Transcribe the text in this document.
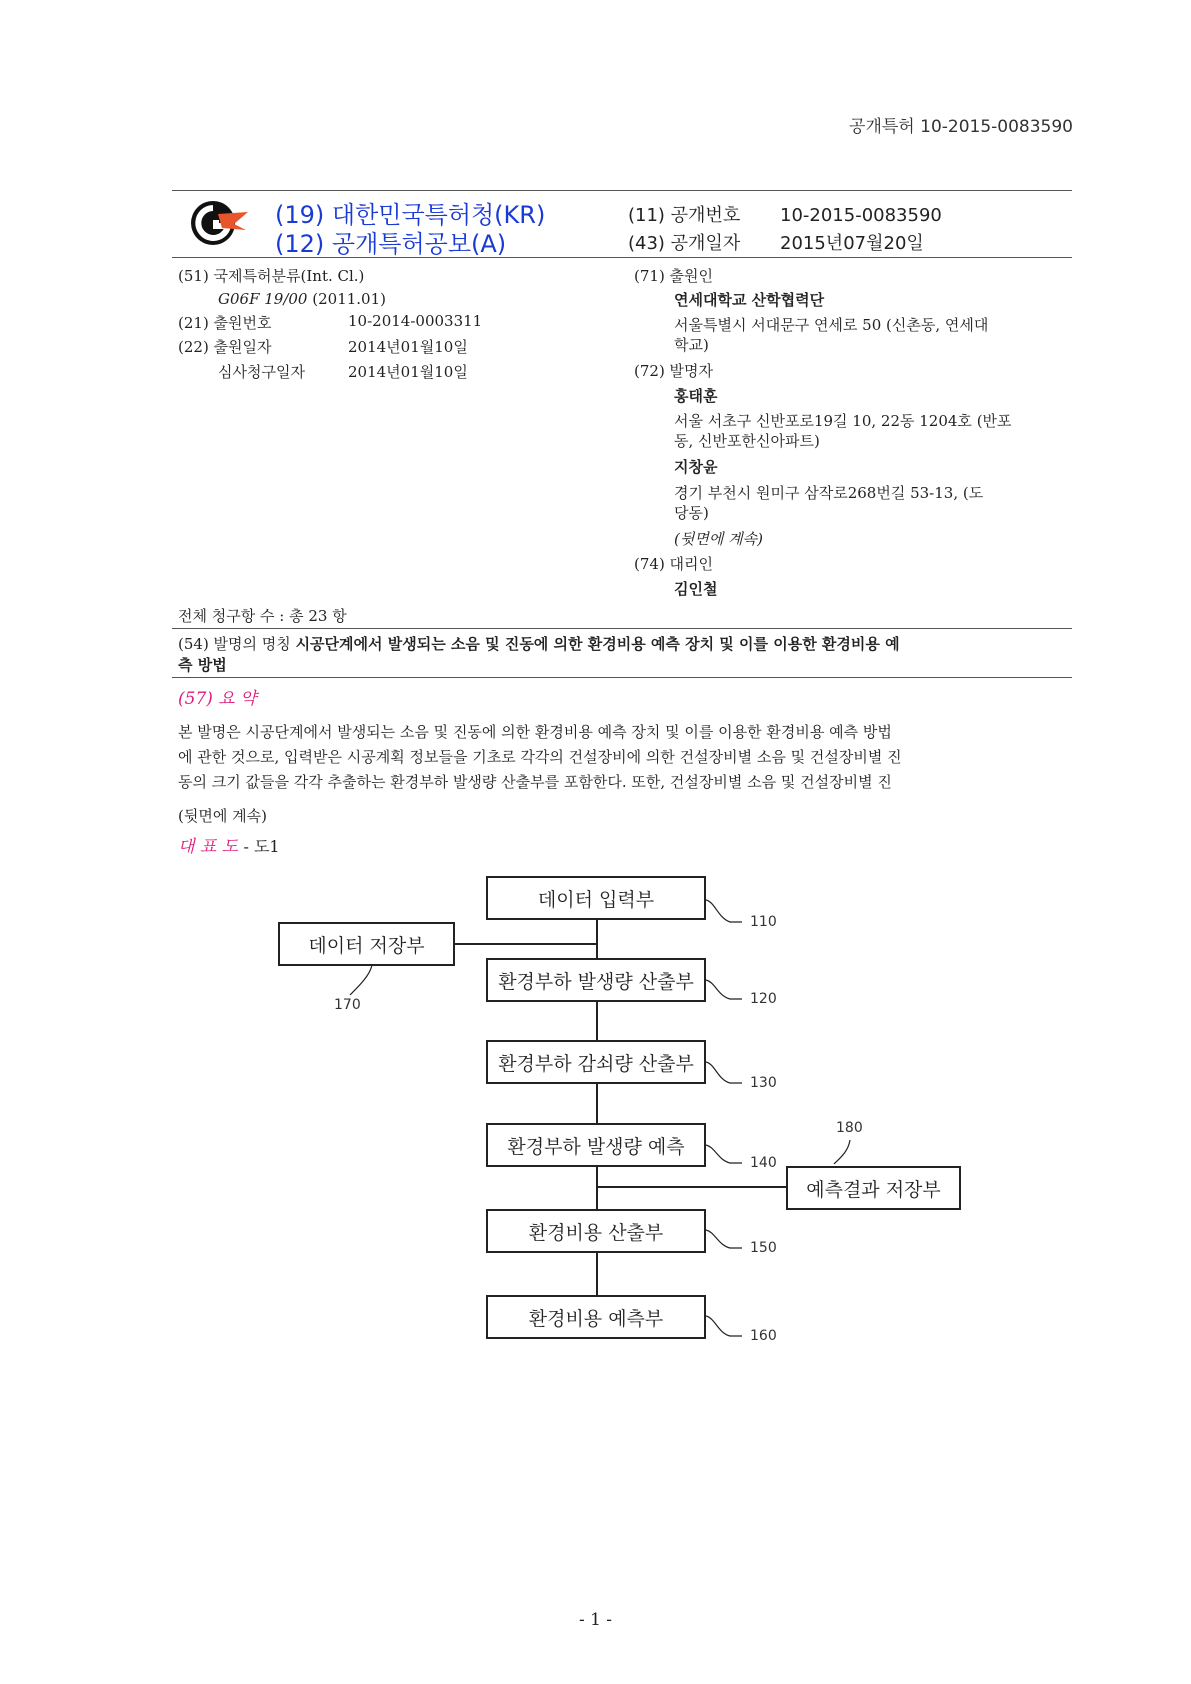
공개특허 10-2015-0083590
(19) 대한민국특허청(KR)
(12) 공개특허공보(A)
(11) 공개번호 10-2015-0083590
(43) 공개일자 2015년07월20일
(51) 국제특허분류(Int. Cl.)
G06F 19/00 (2011.01)
(21) 출원번호	10-2014-0003311
(22) 출원일자	2014년01월10일
심사청구일자	2014년01월10일
(71) 출원인
연세대학교 산학협력단
서울특별시 서대문구 연세로 50 (신촌동, 연세대
학교)
(72) 발명자
홍태훈
서울 서초구 신반포로19길 10, 22동 1204호 (반포
동, 신반포한신아파트)
지창윤
경기 부천시 원미구 삼작로268번길 53-13, (도
당동)
(뒷면에 계속)
(74) 대리인
김인철
전체 청구항 수 : 총 23 항
(54) 발명의 명칭 시공단계에서 발생되는 소음 및 진동에 의한 환경비용 예측 장치 및 이를 이용한 환경비용 예
측 방법
(57) 요 약
본 발명은 시공단계에서 발생되는 소음 및 진동에 의한 환경비용 예측 장치 및 이를 이용한 환경비용 예측 방법
에 관한 것으로, 입력받은 시공계획 정보들을 기초로 각각의 건설장비에 의한 건설장비별 소음 및 건설장비별 진
동의 크기 값들을 각각 추출하는 환경부하 발생량 산출부를 포함한다. 또한, 건설장비별 소음 및 건설장비별 진
(뒷면에 계속)
대 표 도 - 도1
데이터 입력부
환경부하 발생량 산출부
환경부하 감쇠량 산출부
환경부하 발생량 예측
환경비용 산출부
환경비용 예측부
데이터 저장부
예측결과 저장부
110
120
130
140
150
160
170
180
- 1 -
